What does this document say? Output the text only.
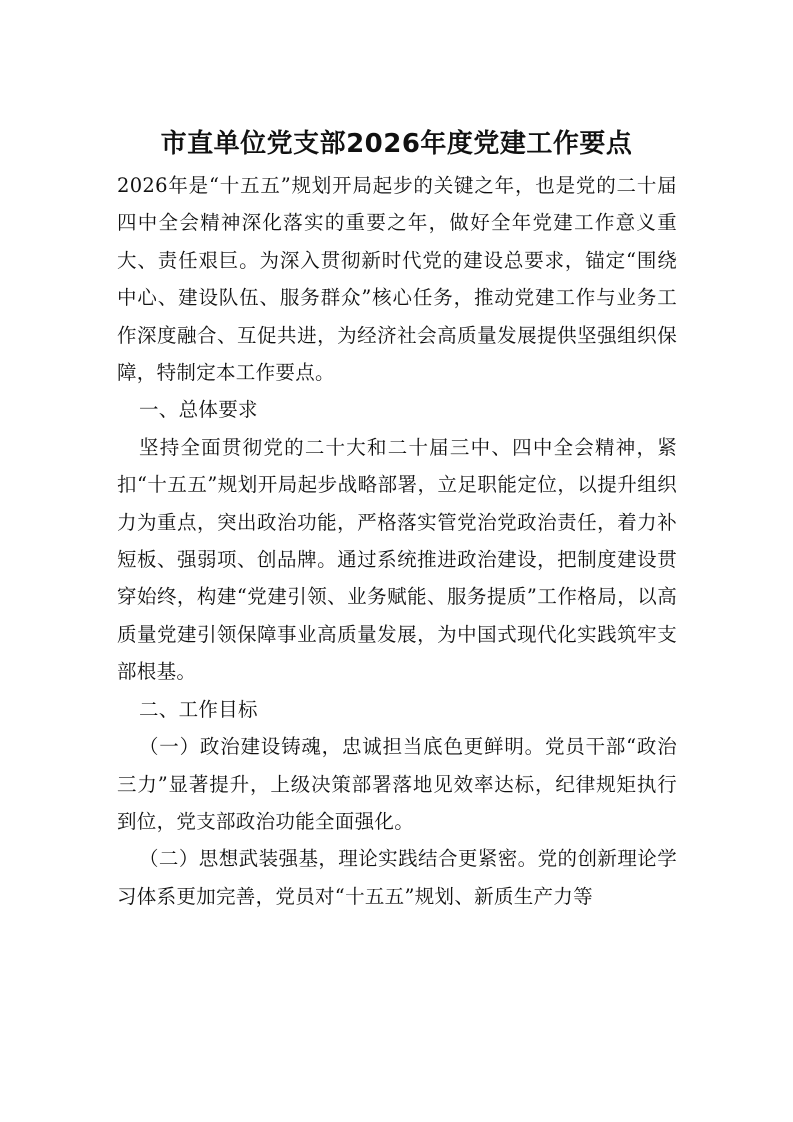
市直单位党支部2026年度党建工作要点

2026年是“十五五”规划开局起步的关键之年，也是党的二十届四中全会精神深化落实的重要之年，做好全年党建工作意义重大、责任艰巨。为深入贯彻新时代党的建设总要求，锚定“围绕中心、建设队伍、服务群众”核心任务，推动党建工作与业务工作深度融合、互促共进，为经济社会高质量发展提供坚强组织保障，特制定本工作要点。

一、总体要求

坚持全面贯彻党的二十大和二十届三中、四中全会精神，紧扣“十五五”规划开局起步战略部署，立足职能定位，以提升组织力为重点，突出政治功能，严格落实管党治党政治责任，着力补短板、强弱项、创品牌。通过系统推进政治建设，把制度建设贯穿始终，构建“党建引领、业务赋能、服务提质”工作格局，以高质量党建引领保障事业高质量发展，为中国式现代化实践筑牢支部根基。

二、工作目标

（一）政治建设铸魂，忠诚担当底色更鲜明。党员干部“政治三力”显著提升，上级决策部署落地见效率达标，纪律规矩执行到位，党支部政治功能全面强化。

（二）思想武装强基，理论实践结合更紧密。党的创新理论学习体系更加完善，党员对“十五五”规划、新质生产力等
